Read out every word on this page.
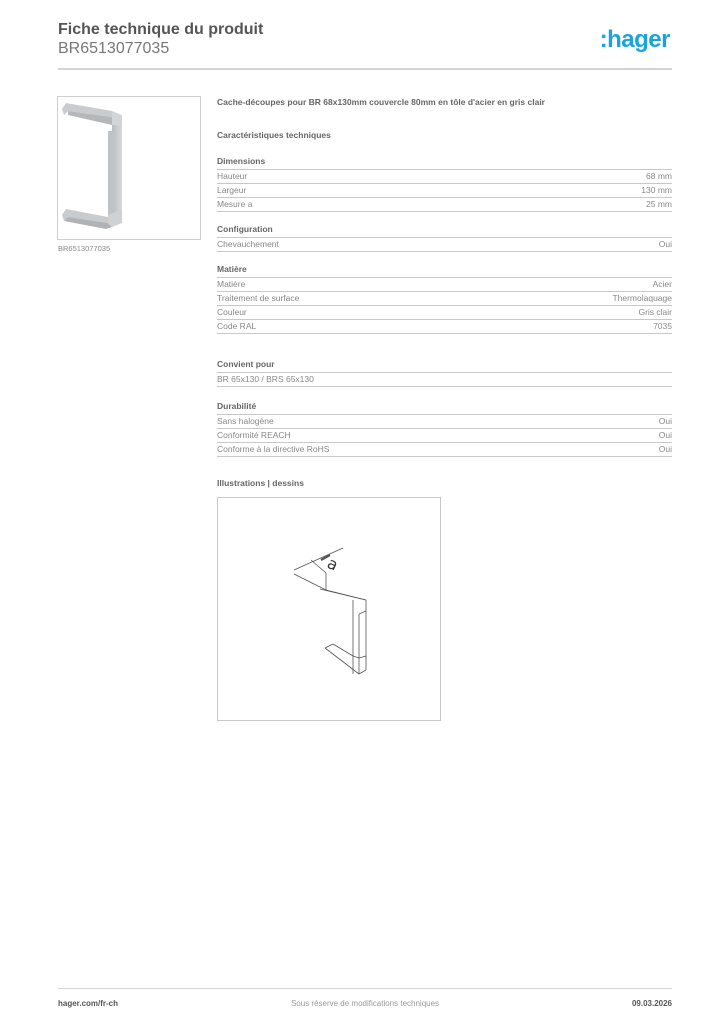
Fiche technique du produit
BR6513077035	:hager
BR6513077035
Cache-découpes pour BR 68x130mm couvercle 80mm en tôle d'acier en gris clair
Caractéristiques techniques
Dimensions
Hauteur	68 mm
Largeur	130 mm
Mesure a	25 mm
Configuration
Chevauchement	Oui
Matière
Matière	Acier
Traitement de surface	Thermolaquage
Couleur	Gris clair
Code RAL	7035
Convient pour
BR 65x130 / BRS 65x130
Durabilité
Sans halogène	Oui
Conformité REACH	Oui
Conforme à la directive RoHS	Oui
Illustrations | dessins
a
hager.com/fr-ch	Sous réserve de modifications techniques	09.03.2026
